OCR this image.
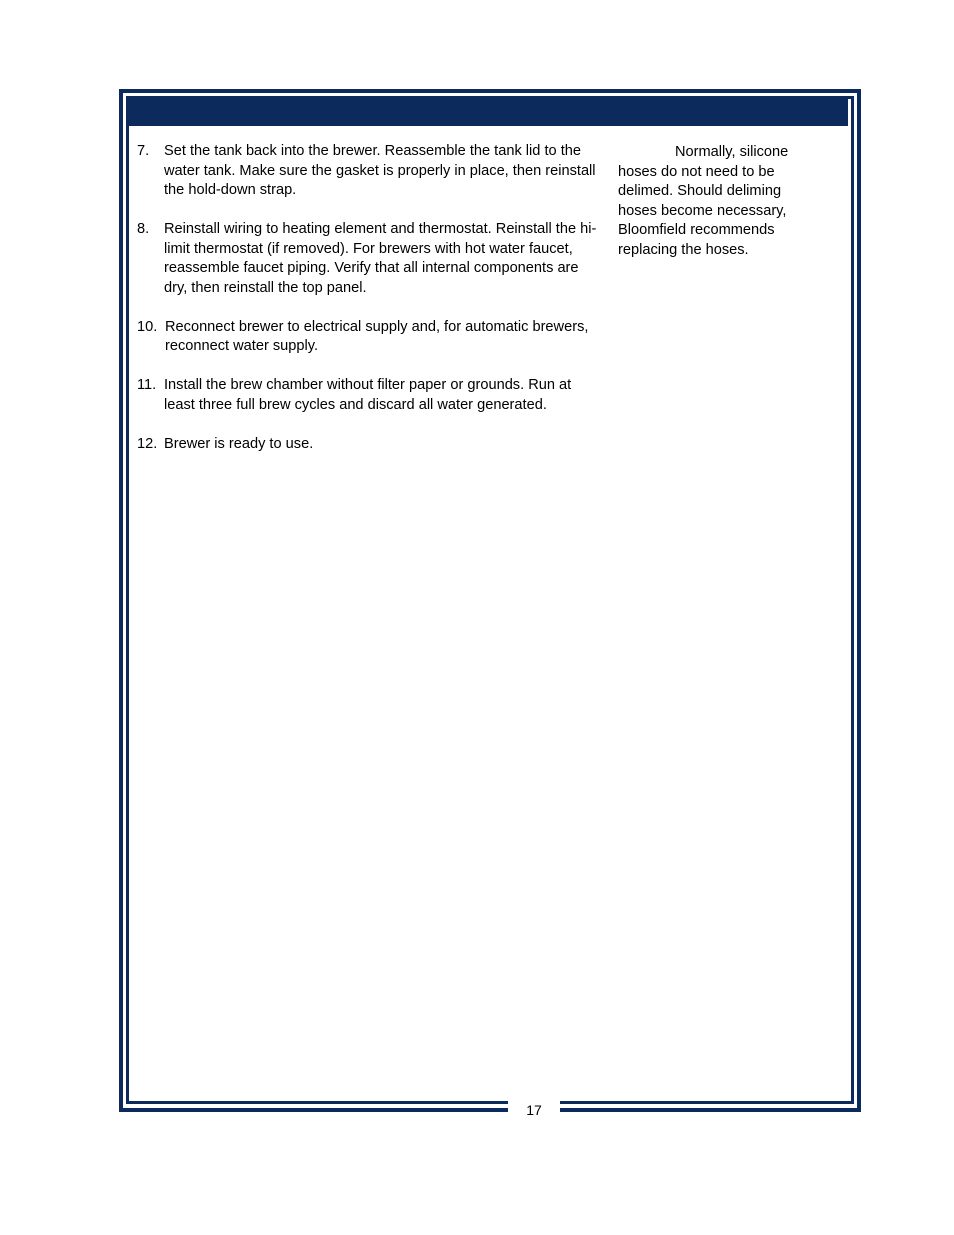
7.	Set the tank back into the brewer. Reassemble the tank lid to the water tank. Make sure the gasket is properly in place, then reinstall the hold-down strap.
8.	Reinstall wiring to heating element and thermostat. Reinstall the hi-limit thermostat (if removed). For brewers with hot water faucet, reassemble faucet piping. Verify that all internal components are dry, then reinstall the top panel.
10. Reconnect brewer to electrical supply and, for automatic brewers, reconnect water supply.
11. Install the brew chamber without filter paper or grounds. Run at least three full brew cycles and discard all water generated.
12. Brewer is ready to use.
Normally, silicone hoses do not need to be delimed. Should deliming hoses become necessary, Bloomfield recommends replacing the hoses.
17
